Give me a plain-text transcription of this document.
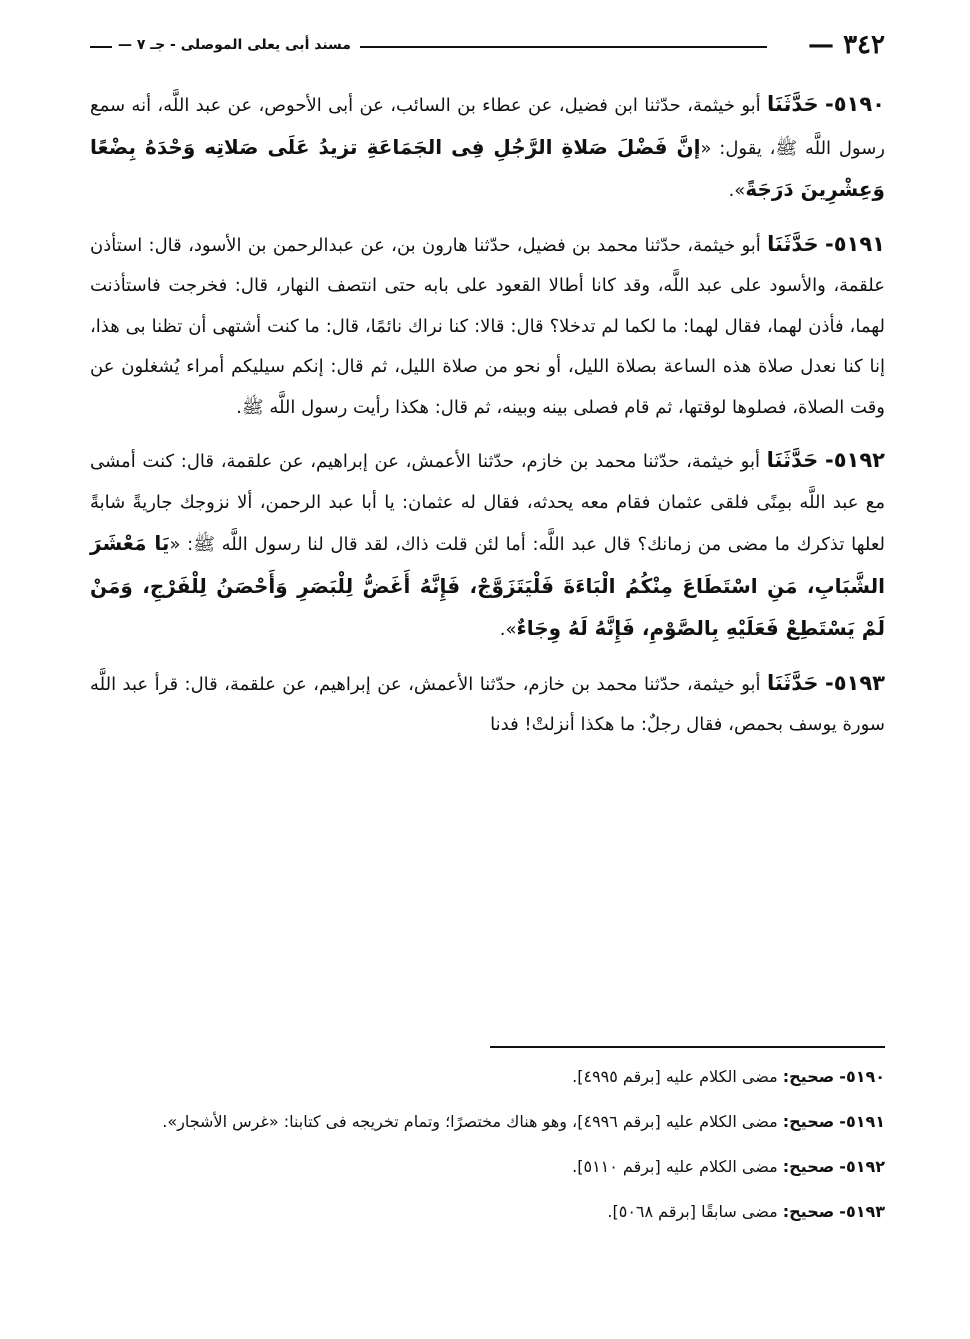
٣٤٢ —
مسند أبى يعلى الموصلى - جـ ٧ —

٥١٩٠- حَدَّثَنَا أبو خيثمة، حدّثنا ابن فضيل، عن عطاء بن السائب، عن أبى الأحوص، عن عبد اللَّه، أنه سمع رسول اللَّه ﷺ، يقول: «إنَّ فَضْلَ صَلاةِ الرَّجُلِ فِى الجَمَاعَةِ تزيدُ عَلَى صَلاتِه وَحْدَهُ بِضْعًا وَعِشْرِينَ دَرَجَةً».

٥١٩١- حَدَّثَنَا أبو خيثمة، حدّثنا محمد بن فضيل، حدّثنا هارون بن، عن عبدالرحمن بن الأسود، قال: استأذن علقمة، والأسود على عبد اللَّه، وقد كانا أطالا القعود على بابه حتى انتصف النهار، قال: فخرجت فاستأذنت لهما، فأذن لهما، فقال لهما: ما لكما لم تدخلا؟ قال: قالا: كنا نراك نائمًا، قال: ما كنت أشتهى أن تظنا بى هذا، إنا كنا نعدل صلاة هذه الساعة بصلاة الليل، أو نحو من صلاة الليل، ثم قال: إنكم سيليكم أمراء يُشغلون عن وقت الصلاة، فصلوها لوقتها، ثم قام فصلى بينه وبينه، ثم قال: هكذا رأيت رسول اللَّه ﷺ.

٥١٩٢- حَدَّثَنَا أبو خيثمة، حدّثنا محمد بن خازم، حدّثنا الأعمش، عن إبراهيم، عن علقمة، قال: كنت أمشى مع عبد اللَّه بمِنًى فلقى عثمان فقام معه يحدثه، فقال له عثمان: يا أبا عبد الرحمن، ألا نزوجك جاريةً شابةً لعلها تذكرك ما مضى من زمانك؟ قال عبد اللَّه: أما لئن قلت ذاك، لقد قال لنا رسول اللَّه ﷺ: «يَا مَعْشَرَ الشَّبَابِ، مَنِ اسْتَطَاعَ مِنْكُمُ الْبَاءَةَ فَلْيَتَزَوَّجْ، فَإِنَّهُ أَغَضُّ لِلْبَصَرِ وَأَحْصَنُ لِلْفَرْجِ، وَمَنْ لَمْ يَسْتَطِعْ فَعَلَيْهِ بِالصَّوْمِ، فَإِنَّهُ لَهُ وِجَاءٌ».

٥١٩٣- حَدَّثَنَا أبو خيثمة، حدّثنا محمد بن خازم، حدّثنا الأعمش، عن إبراهيم، عن علقمة، قال: قرأ عبد اللَّه سورة يوسف بحمص، فقال رجلٌ: ما هكذا أنزلتْ! فدنا

٥١٩٠- صحيح: مضى الكلام عليه [برقم ٤٩٩٥].

٥١٩١- صحيح: مضى الكلام عليه [برقم ٤٩٩٦]، وهو هناك مختصرًا؛ وتمام تخريجه فى كتابنا: «غرس الأشجار».

٥١٩٢- صحيح: مضى الكلام عليه [برقم ٥١١٠].

٥١٩٣- صحيح: مضى سابقًا [برقم ٥٠٦٨].
